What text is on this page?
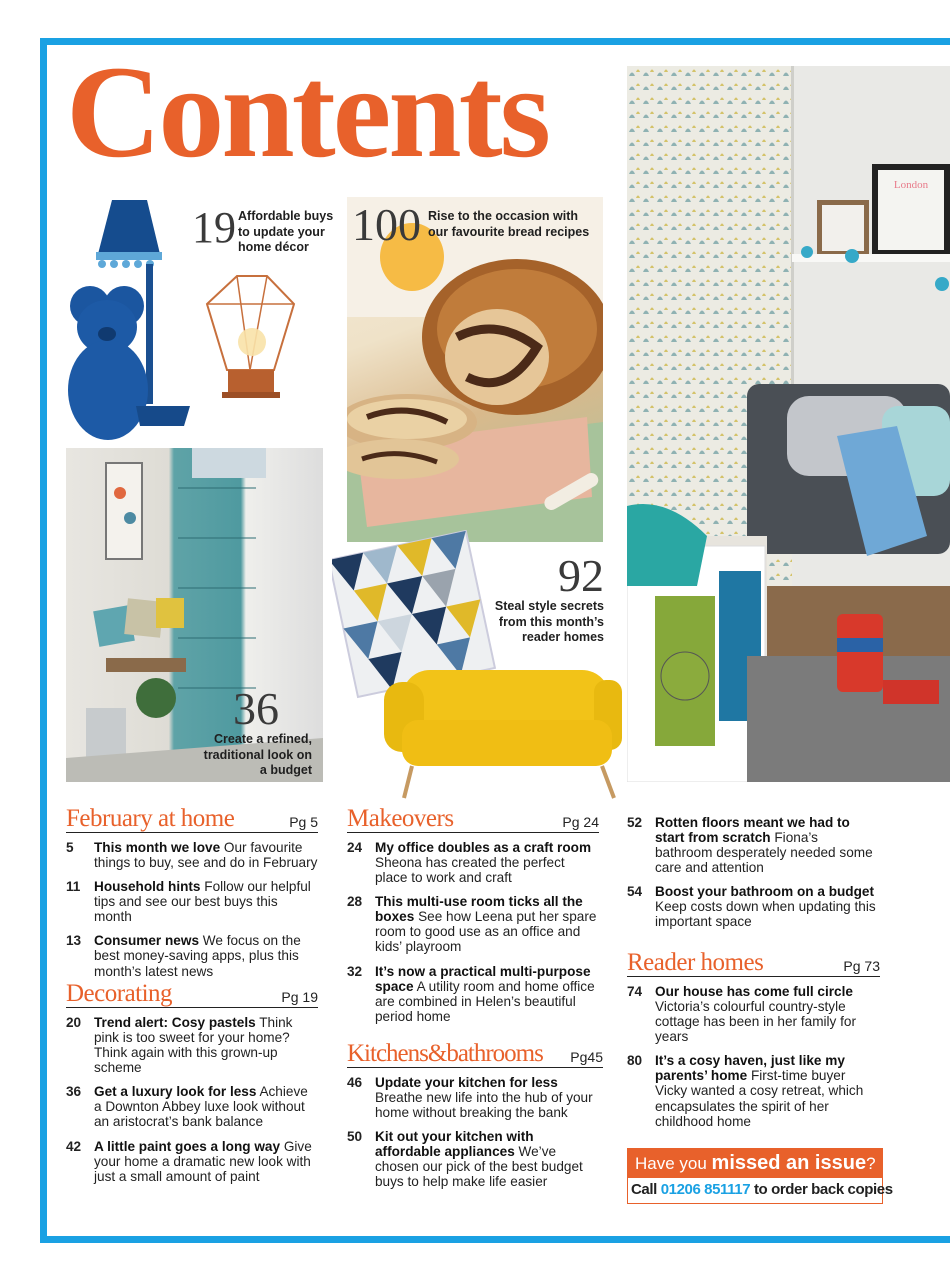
Contents
19 Affordable buys to update your home décor 100 Rise to the occasion with our favourite bread recipes
36
Create a refined, traditional look on a budget
92
Steal style secrets from this month’s reader homes
London
February at home	Pg 5
5	This month we love Our favourite things to buy, see and do in February
11	Household hints Follow our helpful tips and see our best buys this month
13 Consumer news We focus on the best money-saving apps, plus this month’s latest news
Decorating	Pg 19
20 Trend alert: Cosy pastels Think pink is too sweet for your home? Think again with this grown-up scheme
36 Get a luxury look for less Achieve a Downton Abbey luxe look without an aristocrat’s bank balance
42 A little paint goes a long way Give your home a dramatic new look with just a small amount of paint
Makeovers	Pg 24
24 My office doubles as a craft room Sheona has created the perfect place to work and craft
28 This multi-use room ticks all the boxes See how Leena put her spare room to good use as an office and kids’ playroom
32 It’s now a practical multi-purpose space A utility room and home office are combined in Helen’s beautiful period home
Kitchens&bathrooms Pg45
46 Update your kitchen for less Breathe new life into the hub of your home without breaking the bank
50 Kit out your kitchen with affordable appliances We’ve chosen our pick of the best budget buys to help make life easier
52 Rotten floors meant we had to start from scratch Fiona’s bathroom desperately needed some care and attention
54 Boost your bathroom on a budget Keep costs down when updating this important space
Reader homes	Pg 73
74 Our house has come full circle Victoria’s colourful country-style cottage has been in her family for years
80 It’s a cosy haven, just like my parents’ home First-time buyer Vicky wanted a cosy retreat, which encapsulates the spirit of her childhood home
Have you missed an issue?
Call 01206 851117 to order back copies
